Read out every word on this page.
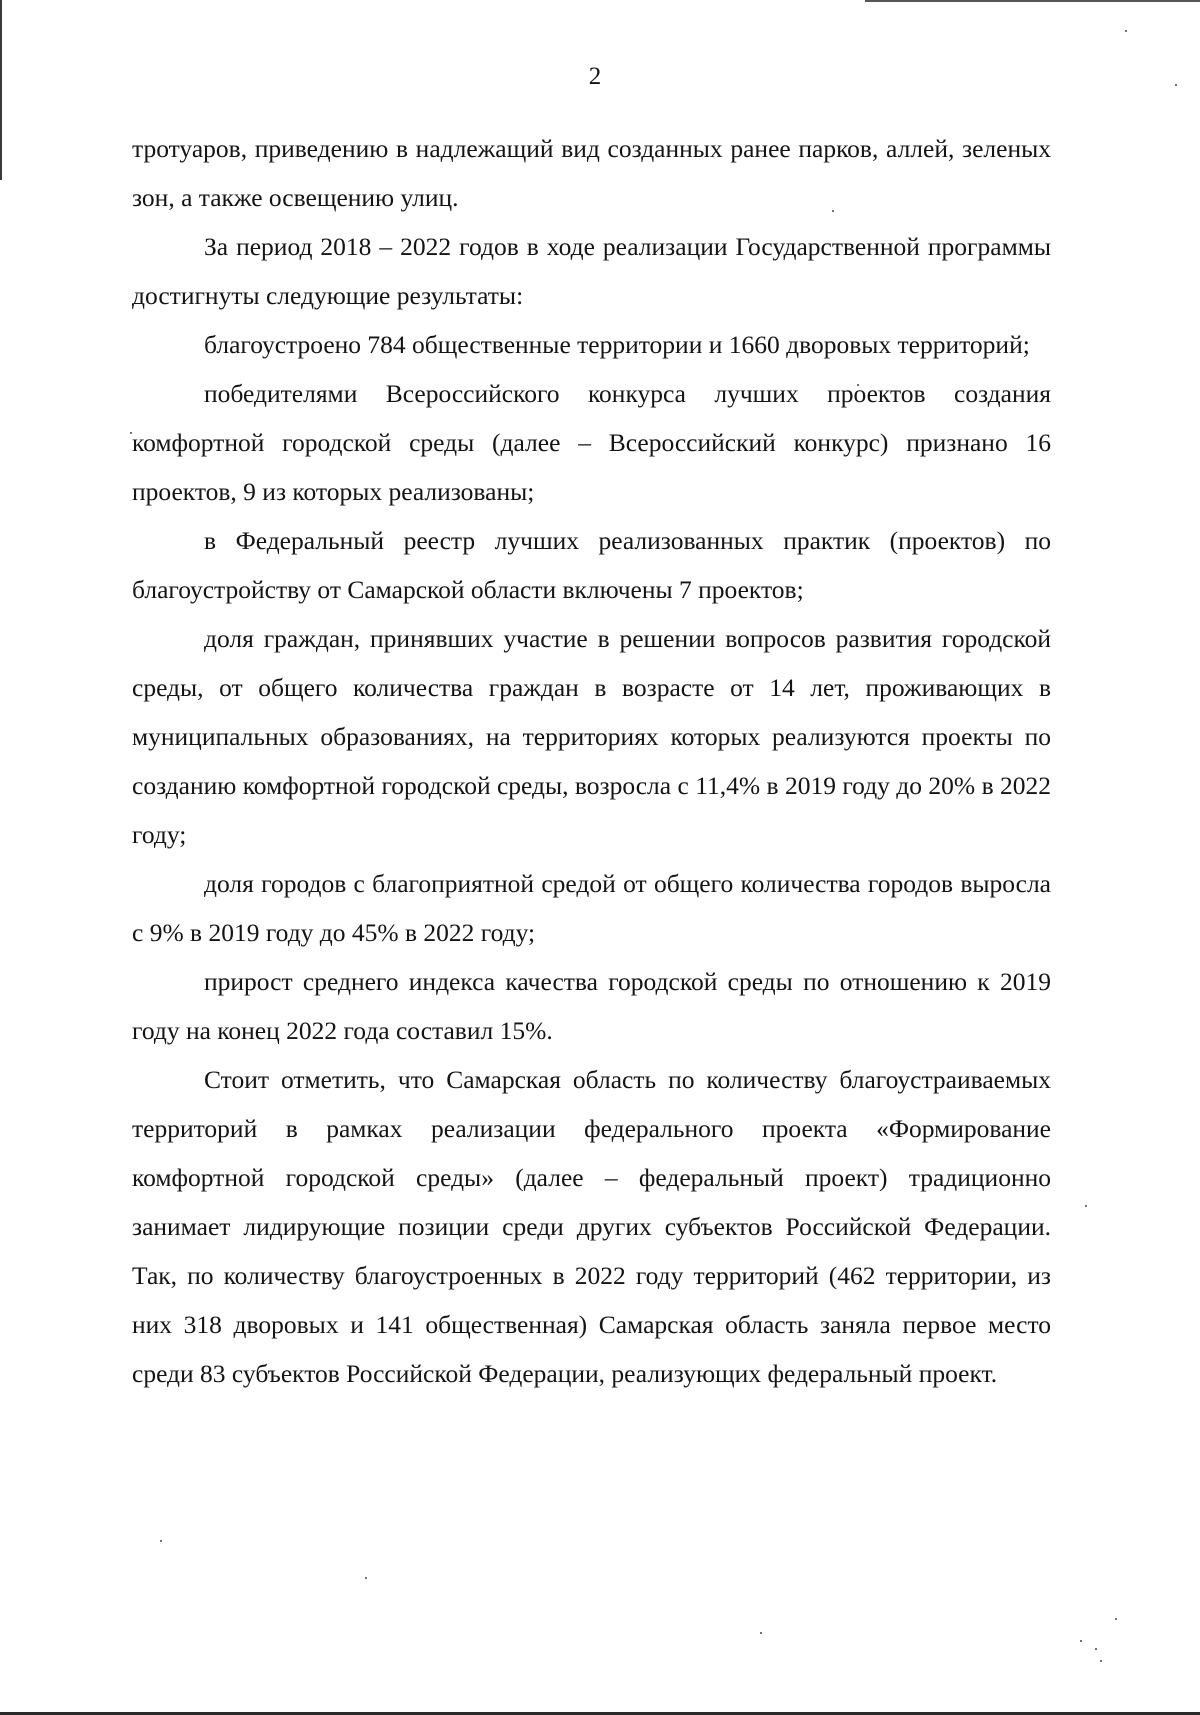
2

тротуаров, приведению в надлежащий вид созданных ранее парков, аллей, зеленых зон, а также освещению улиц.

За период 2018 – 2022 годов в ходе реализации Государственной программы достигнуты следующие результаты:

благоустроено 784 общественные территории и 1660 дворовых территорий;

победителями Всероссийского конкурса лучших проектов создания комфортной городской среды (далее – Всероссийский конкурс) признано 16 проектов, 9 из которых реализованы;

в Федеральный реестр лучших реализованных практик (проектов) по благоустройству от Самарской области включены 7 проектов;

доля граждан, принявших участие в решении вопросов развития городской среды, от общего количества граждан в возрасте от 14 лет, проживающих в муниципальных образованиях, на территориях которых реализуются проекты по созданию комфортной городской среды, возросла с 11,4% в 2019 году до 20% в 2022 году;

доля городов с благоприятной средой от общего количества городов выросла с 9% в 2019 году до 45% в 2022 году;

прирост среднего индекса качества городской среды по отношению к 2019 году на конец 2022 года составил 15%.

Стоит отметить, что Самарская область по количеству благоустраиваемых территорий в рамках реализации федерального проекта «Формирование комфортной городской среды» (далее – федеральный проект) традиционно занимает лидирующие позиции среди других субъектов Российской Федерации. Так, по количеству благоустроенных в 2022 году территорий (462 территории, из них 318 дворовых и 141 общественная) Самарская область заняла первое место среди 83 субъектов Российской Федерации, реализующих федеральный проект.
